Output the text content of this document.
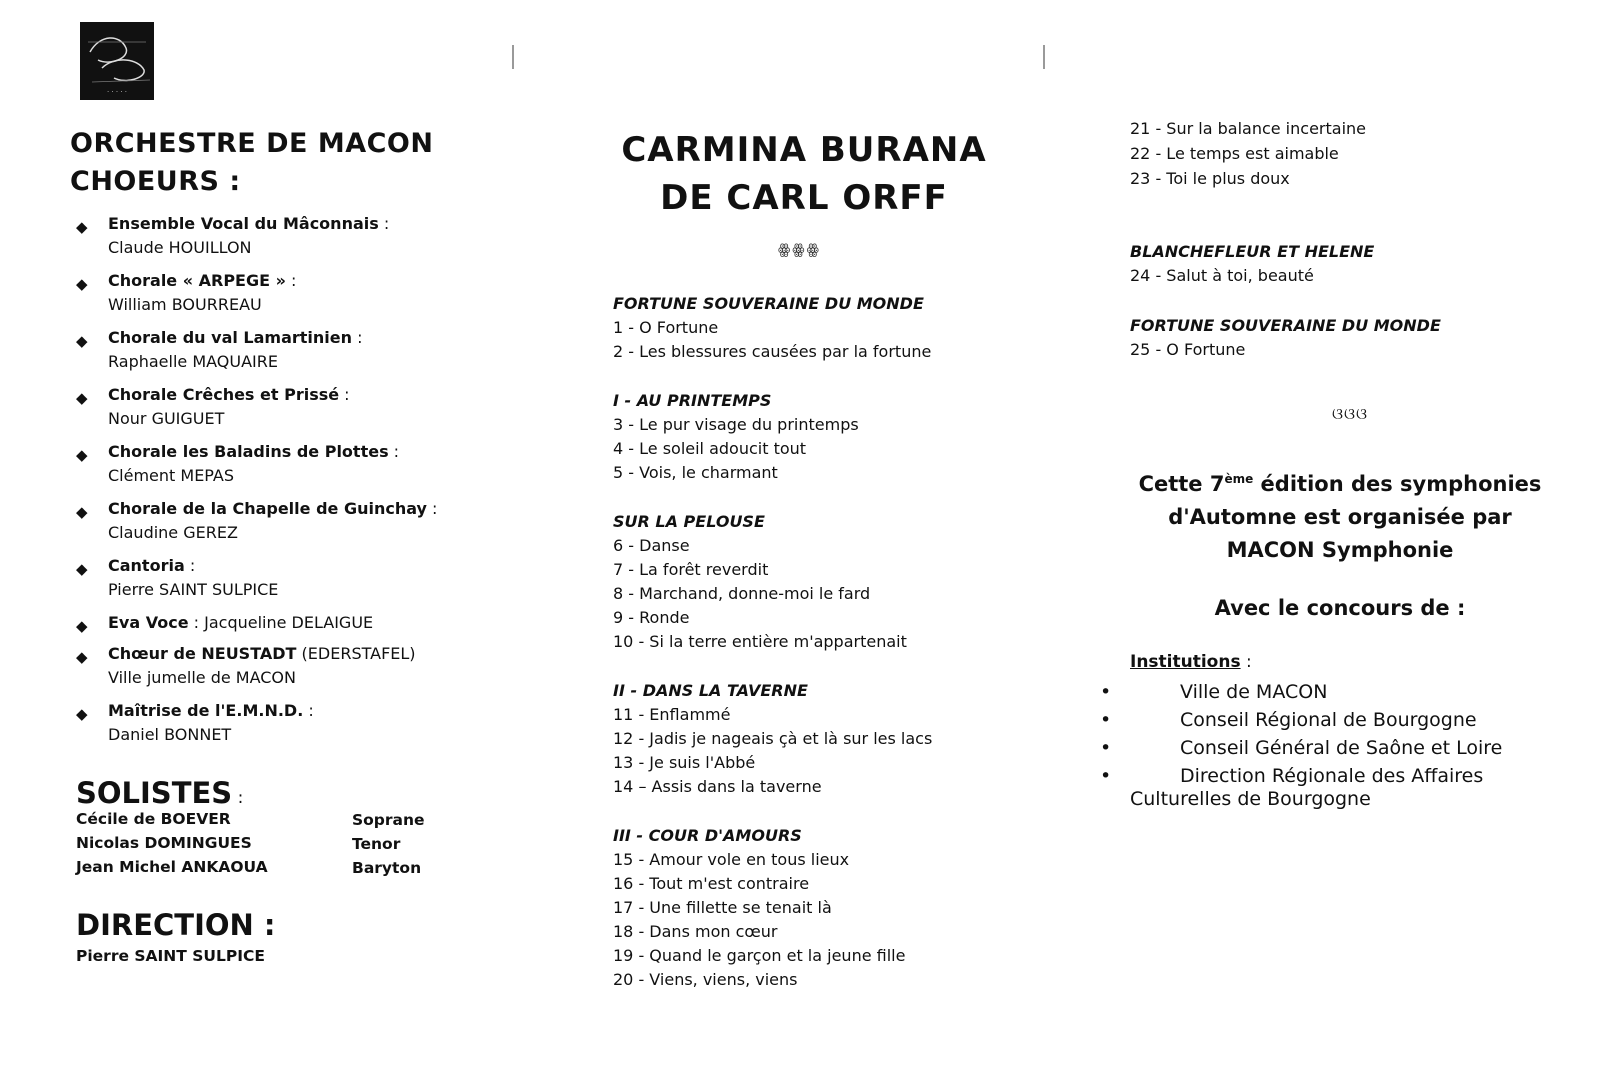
· · · · ·
ORCHESTRE DE MACON
CHOEURS :
◆ Ensemble Vocal du Mâconnais :
Claude HOUILLON
◆ Chorale « ARPEGE » :
William BOURREAU
◆ Chorale du val Lamartinien :
Raphaelle MAQUAIRE
◆ Chorale Crêches et Prissé :
Nour GUIGUET
◆ Chorale les Baladins de Plottes :
Clément MEPAS
◆ Chorale de la Chapelle de Guinchay :
Claudine GEREZ
◆ Cantoria :
Pierre SAINT SULPICE
◆ Eva Voce : Jacqueline DELAIGUE
◆ Chœur de NEUSTADT (EDERSTAFEL)
Ville jumelle de MACON
◆ Maîtrise de l'E.M.N.D. :
Daniel BONNET
SOLISTES :
Cécile de BOEVER	Soprane
Nicolas DOMINGUES	Tenor
Jean Michel ANKAOUA	Baryton
DIRECTION :
Pierre SAINT SULPICE
CARMINA BURANA
DE CARL ORFF
ꙮꙮꙮ
FORTUNE SOUVERAINE DU MONDE
1 - O Fortune
2 - Les blessures causées par la fortune
I - AU PRINTEMPS
3 - Le pur visage du printemps
4 - Le soleil adoucit tout
5 - Vois, le charmant
SUR LA PELOUSE
6 - Danse
7 - La forêt reverdit
8 - Marchand, donne-moi le fard
9 - Ronde
10 - Si la terre entière m'appartenait
II - DANS LA TAVERNE
11 - Enflammé
12 - Jadis je nageais çà et là sur les lacs
13 - Je suis l'Abbé
14 – Assis dans la taverne
III - COUR D'AMOURS
15 - Amour vole en tous lieux
16 - Tout m'est contraire
17 - Une fillette se tenait là
18 - Dans mon cœur
19 - Quand le garçon et la jeune fille
20 - Viens, viens, viens
21 - Sur la balance incertaine
22 - Le temps est aimable
23 - Toi le plus doux
BLANCHEFLEUR ET HELENE
24 - Salut à toi, beauté
FORTUNE SOUVERAINE DU MONDE
25 - O Fortune
ଓଓଓ
Cette 7ème édition des symphonies
d'Automne est organisée par
MACON Symphonie
Avec le concours de :
Institutions :
•	Ville de MACON
•	Conseil Régional de Bourgogne
•	Conseil Général de Saône et Loire
•	Direction Régionale des Affaires
Culturelles de Bourgogne
